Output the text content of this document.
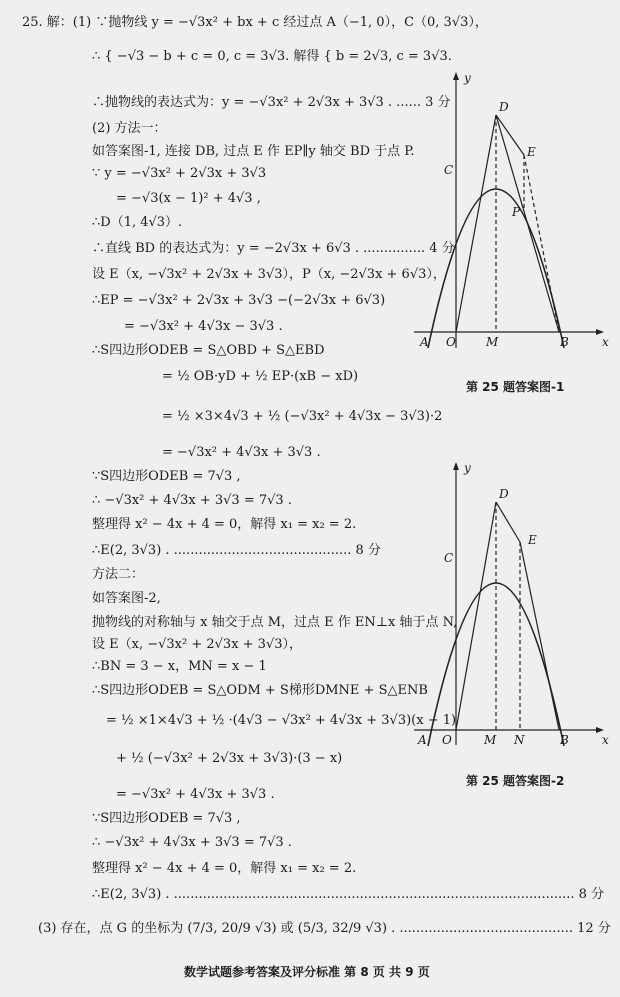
25. 解：(1) ∵抛物线 y = −√3x² + bx + c 经过点 A（−1, 0），C（0, 3√3），
∴ { −√3 − b + c = 0, c = 3√3. 解得 { b = 2√3, c = 3√3.
∴抛物线的表达式为：y = −√3x² + 2√3x + 3√3 . ...... 3 分
(2) 方法一：
如答案图-1, 连接 DB, 过点 E 作 EP∥y 轴交 BD 于点 P.
∵ y = −√3x² + 2√3x + 3√3
= −√3(x − 1)² + 4√3 ,
∴D（1, 4√3）.
∴直线 BD 的表达式为：y = −2√3x + 6√3 . ............... 4 分
设 E（x, −√3x² + 2√3x + 3√3），P（x, −2√3x + 6√3），
∴EP = −√3x² + 2√3x + 3√3 −(−2√3x + 6√3)
= −√3x² + 4√3x − 3√3 .
∴S四边形ODEB = S△OBD + S△EBD
= ½ OB·yD + ½ EP·(xB − xD)
= ½ ×3×4√3 + ½ (−√3x² + 4√3x − 3√3)·2
= −√3x² + 4√3x + 3√3 .
∵S四边形ODEB = 7√3 ,
∴ −√3x² + 4√3x + 3√3 = 7√3 .
整理得 x² − 4x + 4 = 0，解得 x₁ = x₂ = 2.
∴E(2, 3√3) . ........................................... 8 分
方法二：
如答案图-2,
抛物线的对称轴与 x 轴交于点 M，过点 E 作 EN⊥x 轴于点 N,
设 E（x, −√3x² + 2√3x + 3√3），
∴BN = 3 − x，MN = x − 1
∴S四边形ODEB = S△ODM + S梯形DMNE + S△ENB
= ½ ×1×4√3 + ½ ·(4√3 − √3x² + 4√3x + 3√3)(x − 1)
+ ½ (−√3x² + 2√3x + 3√3)·(3 − x)
= −√3x² + 4√3x + 3√3 .
∵S四边形ODEB = 7√3 ,
∴ −√3x² + 4√3x + 3√3 = 7√3 .
整理得 x² − 4x + 4 = 0，解得 x₁ = x₂ = 2.
∴E(2, 3√3) . ................................................................................................. 8 分
(3) 存在，点 G 的坐标为 (7/3, 20/9 √3) 或 (5/3, 32/9 √3) . .......................................... 12 分
y
x
D
C
E
P
A O	M	B
第 25 题答案图-1
y
x
D
C
E
A O	M N	B
第 25 题答案图-2
数学试题参考答案及评分标准 第 8 页 共 9 页
